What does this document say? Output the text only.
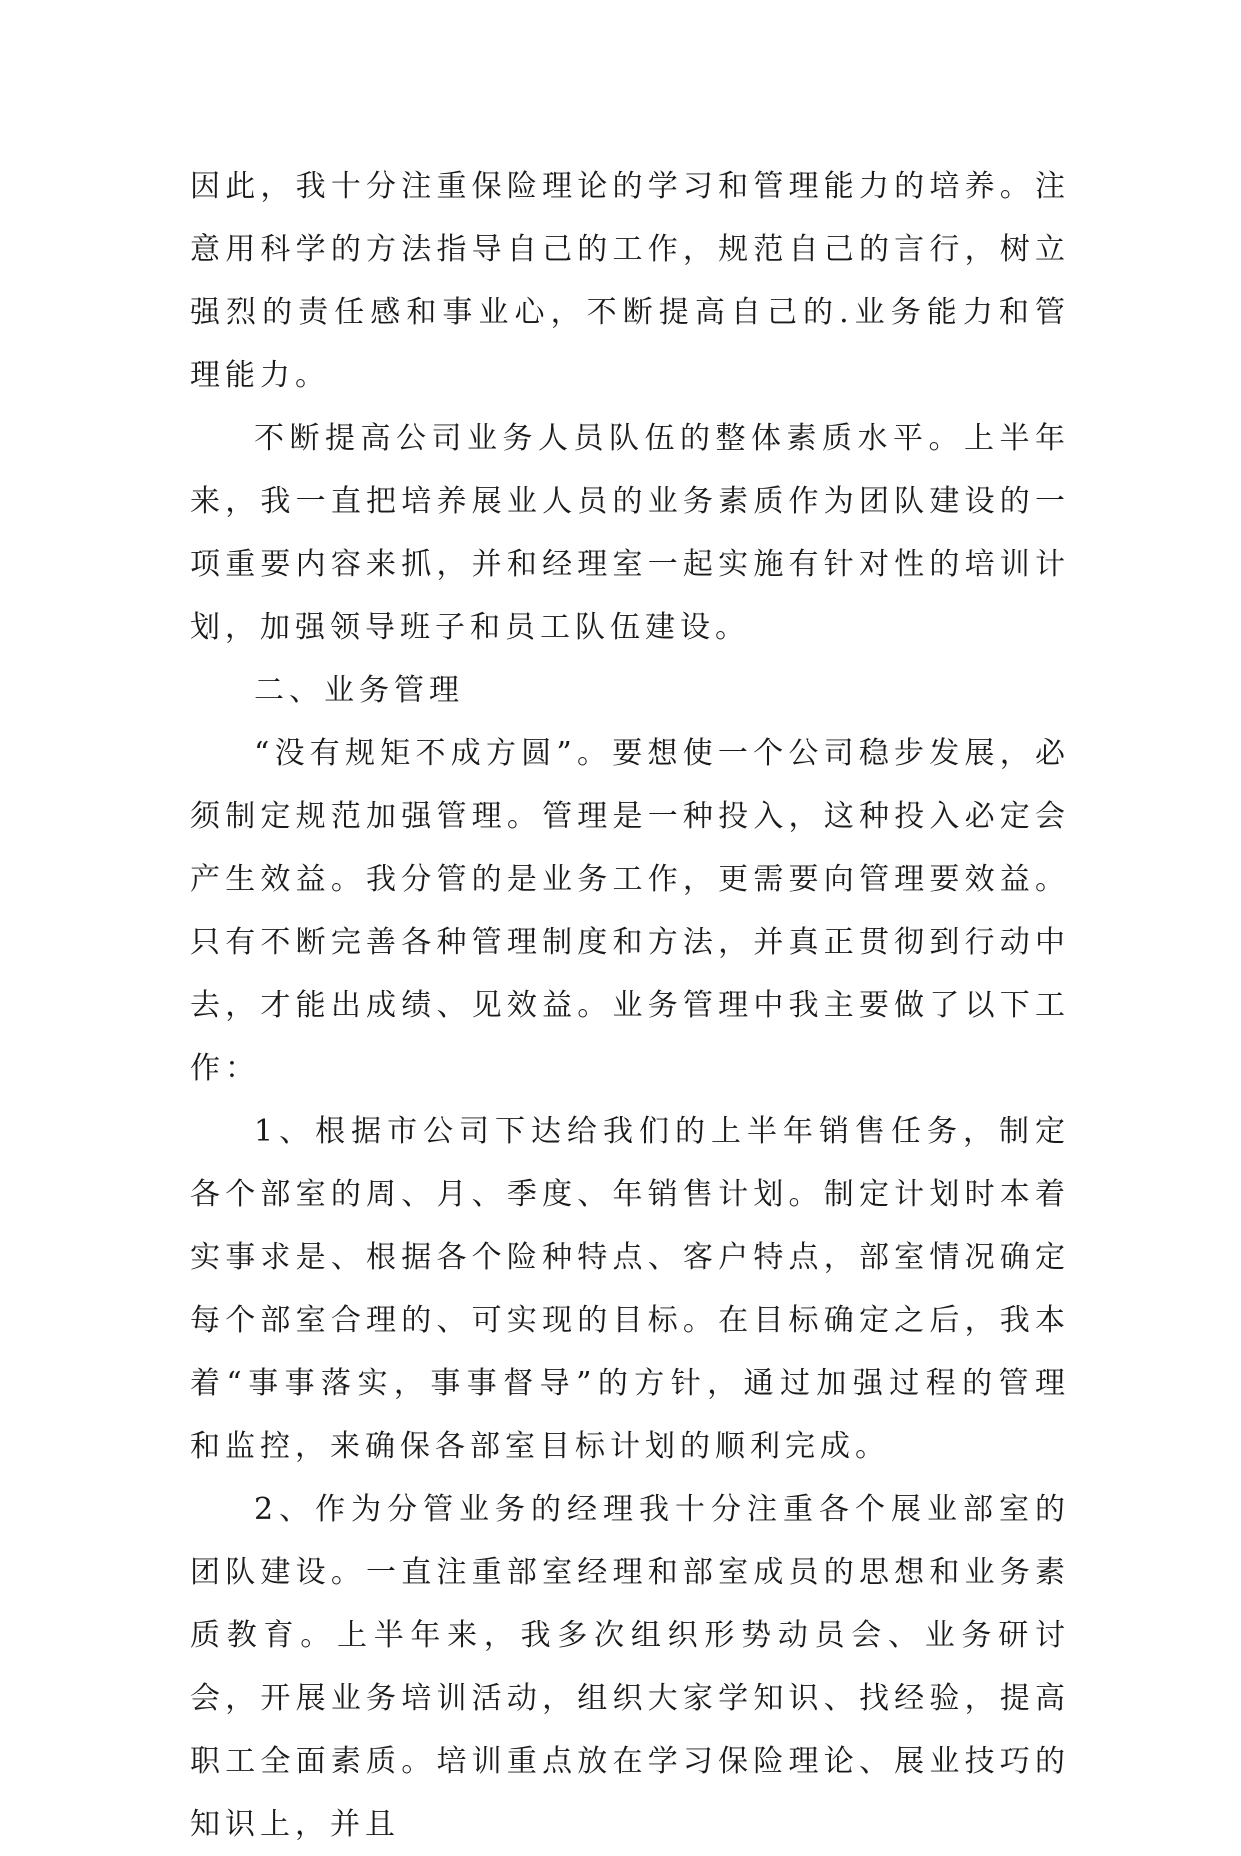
因此，我十分注重保险理论的学习和管理能力的培养。注意用科学的方法指导自己的工作，规范自己的言行，树立强烈的责任感和事业心，不断提高自己的.业务能力和管理能力。

不断提高公司业务人员队伍的整体素质水平。上半年来，我一直把培养展业人员的业务素质作为团队建设的一项重要内容来抓，并和经理室一起实施有针对性的培训计划，加强领导班子和员工队伍建设。

二、业务管理

“没有规矩不成方圆”。要想使一个公司稳步发展，必须制定规范加强管理。管理是一种投入，这种投入必定会产生效益。我分管的是业务工作，更需要向管理要效益。只有不断完善各种管理制度和方法，并真正贯彻到行动中去，才能出成绩、见效益。业务管理中我主要做了以下工作：

1、根据市公司下达给我们的上半年销售任务，制定各个部室的周、月、季度、年销售计划。制定计划时本着实事求是、根据各个险种特点、客户特点，部室情况确定每个部室合理的、可实现的目标。在目标确定之后，我本着“事事落实，事事督导”的方针，通过加强过程的管理和监控，来确保各部室目标计划的顺利完成。

2、作为分管业务的经理我十分注重各个展业部室的团队建设。一直注重部室经理和部室成员的思想和业务素质教育。上半年来，我多次组织形势动员会、业务研讨会，开展业务培训活动，组织大家学知识、找经验，提高职工全面素质。培训重点放在学习保险理论、展业技巧的知识上，并且
